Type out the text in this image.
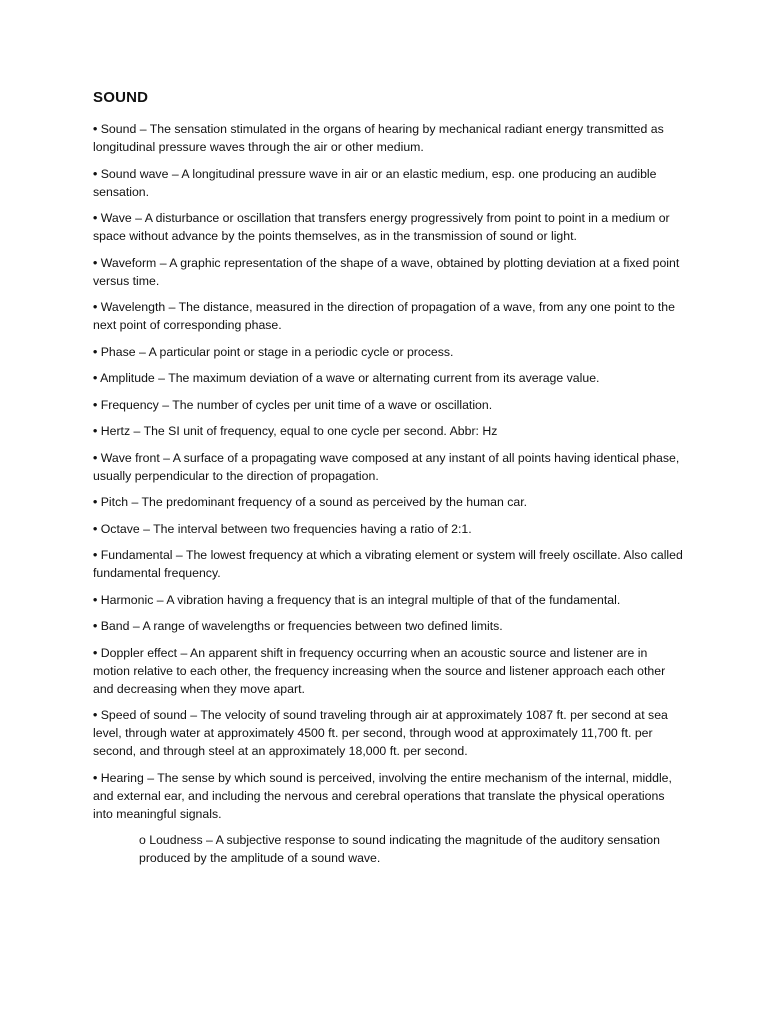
SOUND

• Sound – The sensation stimulated in the organs of hearing by mechanical radiant energy transmitted as longitudinal pressure waves through the air or other medium.

• Sound wave – A longitudinal pressure wave in air or an elastic medium, esp. one producing an audible sensation.

• Wave – A disturbance or oscillation that transfers energy progressively from point to point in a medium or space without advance by the points themselves, as in the transmission of sound or light.

• Waveform – A graphic representation of the shape of a wave, obtained by plotting deviation at a fixed point versus time.

• Wavelength – The distance, measured in the direction of propagation of a wave, from any one point to the next point of corresponding phase.

• Phase – A particular point or stage in a periodic cycle or process.

• Amplitude – The maximum deviation of a wave or alternating current from its average value.

• Frequency – The number of cycles per unit time of a wave or oscillation.

• Hertz – The SI unit of frequency, equal to one cycle per second. Abbr: Hz

• Wave front – A surface of a propagating wave composed at any instant of all points having identical phase, usually perpendicular to the direction of propagation.

• Pitch – The predominant frequency of a sound as perceived by the human car.

• Octave – The interval between two frequencies having a ratio of 2:1.

• Fundamental – The lowest frequency at which a vibrating element or system will freely oscillate. Also called fundamental frequency.

• Harmonic – A vibration having a frequency that is an integral multiple of that of the fundamental.

• Band – A range of wavelengths or frequencies between two defined limits.

• Doppler effect – An apparent shift in frequency occurring when an acoustic source and listener are in motion relative to each other, the frequency increasing when the source and listener approach each other and decreasing when they move apart.

• Speed of sound – The velocity of sound traveling through air at approximately 1087 ft. per second at sea level, through water at approximately 4500 ft. per second, through wood at approximately 11,700 ft. per second, and through steel at an approximately 18,000 ft. per second.

• Hearing – The sense by which sound is perceived, involving the entire mechanism of the internal, middle, and external ear, and including the nervous and cerebral operations that translate the physical operations into meaningful signals.

o Loudness – A subjective response to sound indicating the magnitude of the auditory sensation produced by the amplitude of a sound wave.
